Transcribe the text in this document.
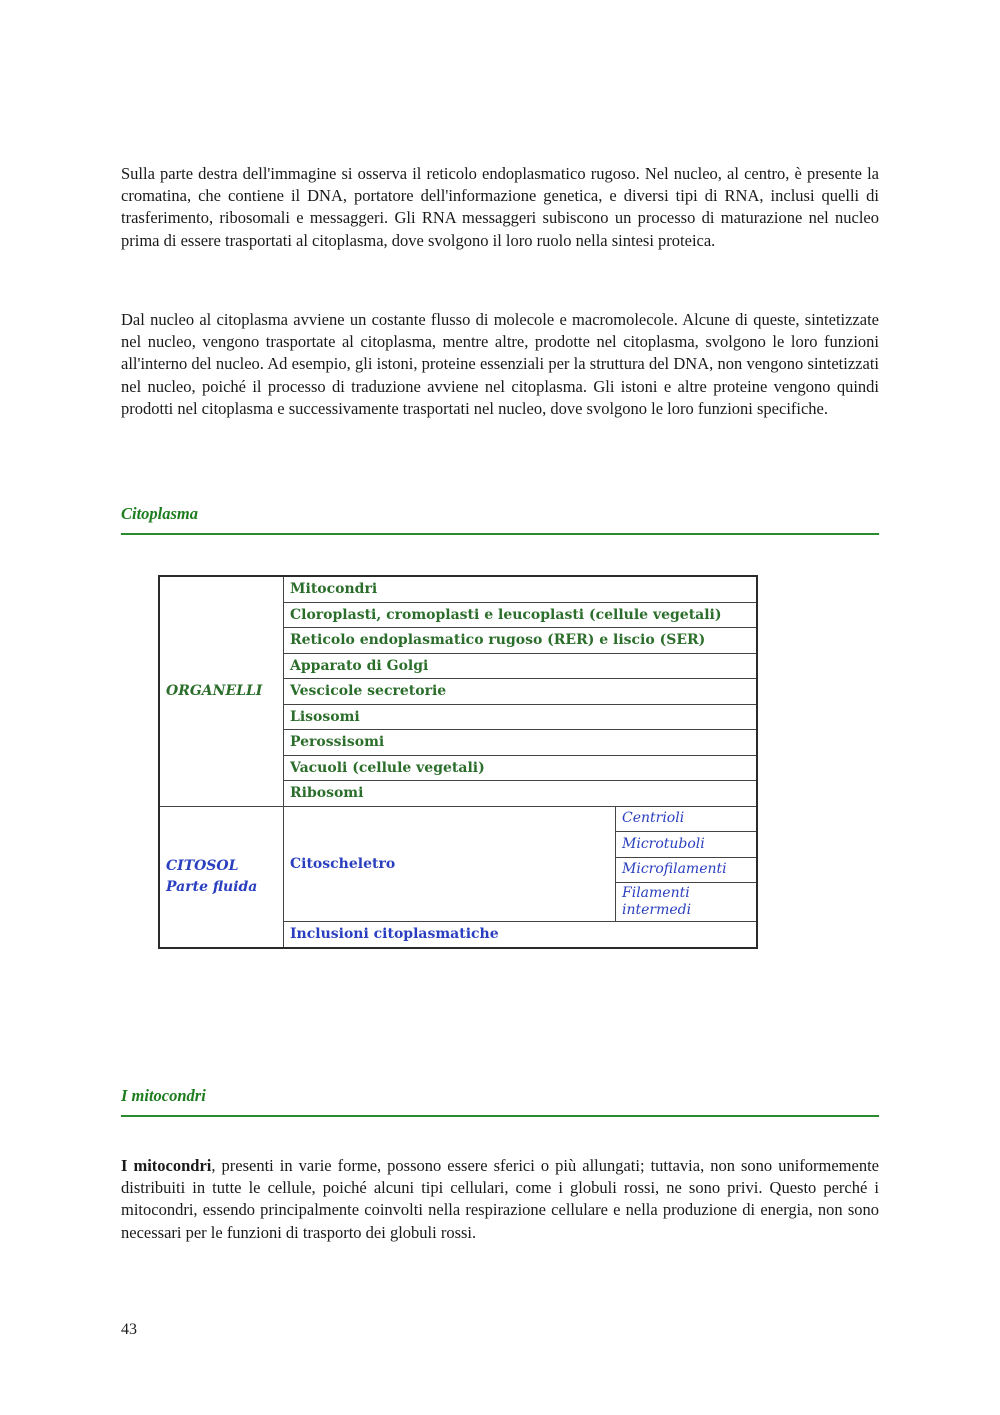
Sulla parte destra dell'immagine si osserva il reticolo endoplasmatico rugoso. Nel nucleo, al centro, è presente la cromatina, che contiene il DNA, portatore dell'informazione genetica, e diversi tipi di RNA, inclusi quelli di trasferimento, ribosomali e messaggeri. Gli RNA messaggeri subiscono un processo di maturazione nel nucleo prima di essere trasportati al citoplasma, dove svolgono il loro ruolo nella sintesi proteica.

Dal nucleo al citoplasma avviene un costante flusso di molecole e macromolecole. Alcune di queste, sintetizzate nel nucleo, vengono trasportate al citoplasma, mentre altre, prodotte nel citoplasma, svolgono le loro funzioni all'interno del nucleo. Ad esempio, gli istoni, proteine essenziali per la struttura del DNA, non vengono sintetizzati nel nucleo, poiché il processo di traduzione avviene nel citoplasma. Gli istoni e altre proteine vengono quindi prodotti nel citoplasma e successivamente trasportati nel nucleo, dove svolgono le loro funzioni specifiche.

Citoplasma
ORGANELLI	Mitocondri	
	Cloroplasti, cromoplasti e leucoplasti (cellule vegetali)	
	Reticolo endoplasmatico rugoso (RER) e liscio (SER)	
	Apparato di Golgi	
	Vescicole secretorie	
	Lisosomi	
	Perossisomi	
	Vacuoli (cellule vegetali)	
	Ribosomi	
CITOSOL
Parte fluida	Citoscheletro	Centrioli
		Microtuboli
		Microfilamenti
		Filamenti intermedi
	Inclusioni citoplasmatiche	
I mitocondri

I mitocondri, presenti in varie forme, possono essere sferici o più allungati; tuttavia, non sono uniformemente distribuiti in tutte le cellule, poiché alcuni tipi cellulari, come i globuli rossi, ne sono privi. Questo perché i mitocondri, essendo principalmente coinvolti nella respirazione cellulare e nella produzione di energia, non sono necessari per le funzioni di trasporto dei globuli rossi.

43
